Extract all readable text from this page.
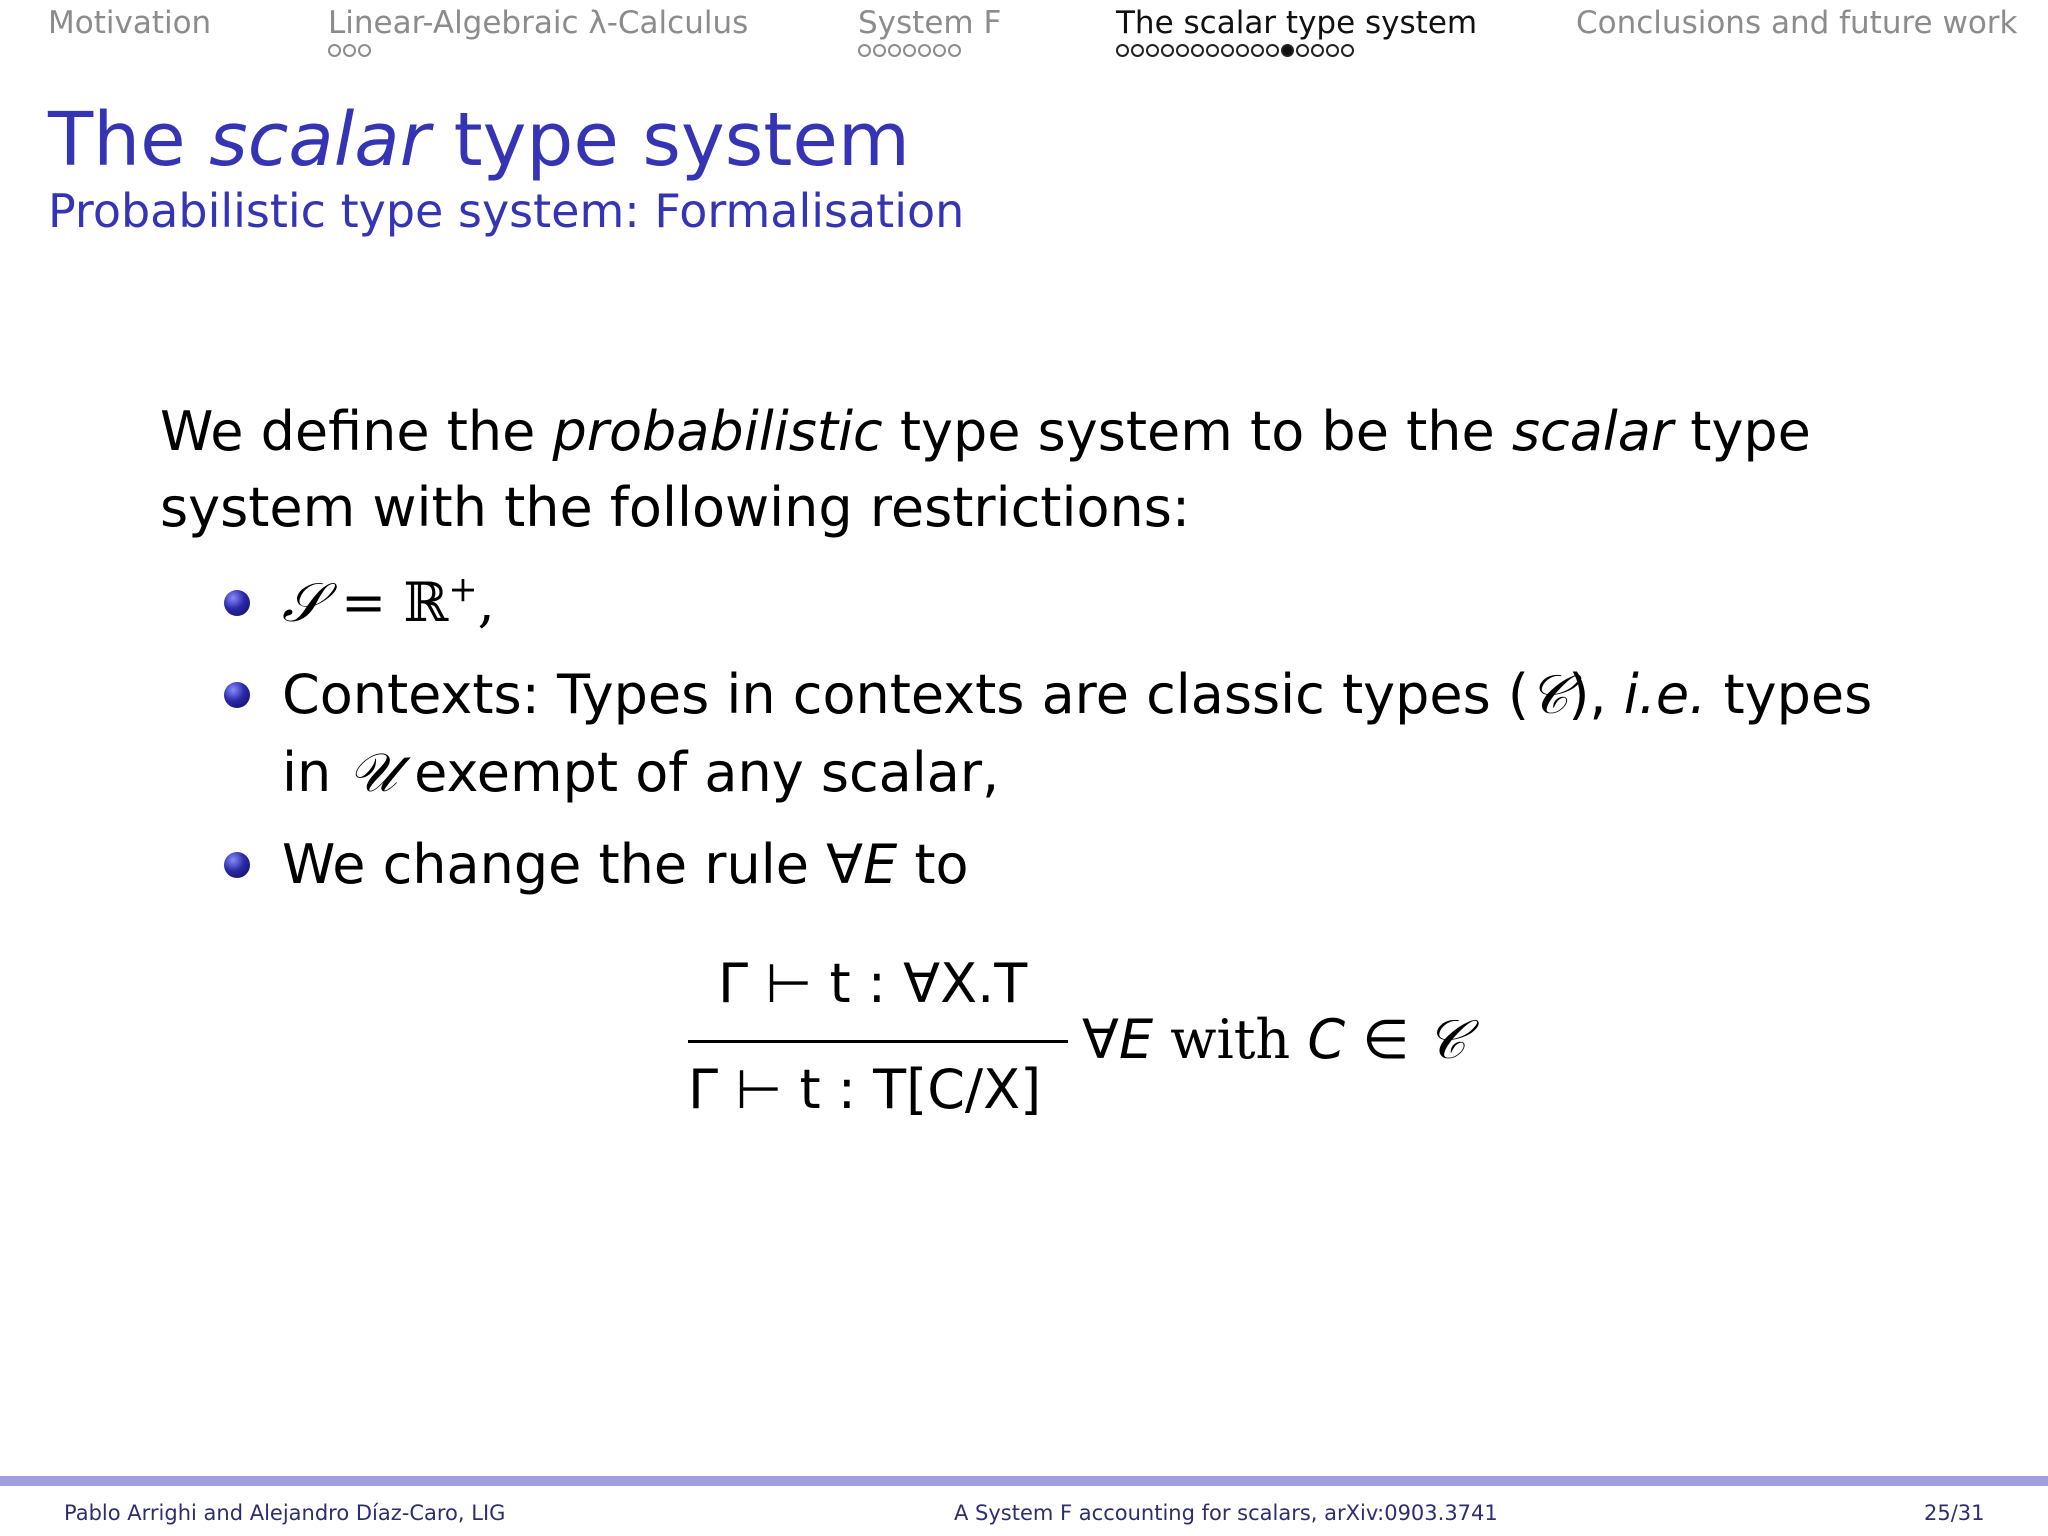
Motivation	Linear-Algebraic λ-Calculus	System F	The scalar type system	Conclusions and future work
The scalar type system
Probabilistic type system: Formalisation
We define the probabilistic type system to be the scalar type system with the following restrictions:
𝒮 = ℝ+,
Contexts: Types in contexts are classic types (𝒞), i.e. types in 𝒰 exempt of any scalar,
We change the rule ∀E to
Γ ⊢ t : ∀X.T
Γ ⊢ t : T[C/X]
∀E with C ∈ 𝒞
Pablo Arrighi and Alejandro Díaz-Caro, LIG	A System F accounting for scalars, arXiv:0903.3741	25/31
